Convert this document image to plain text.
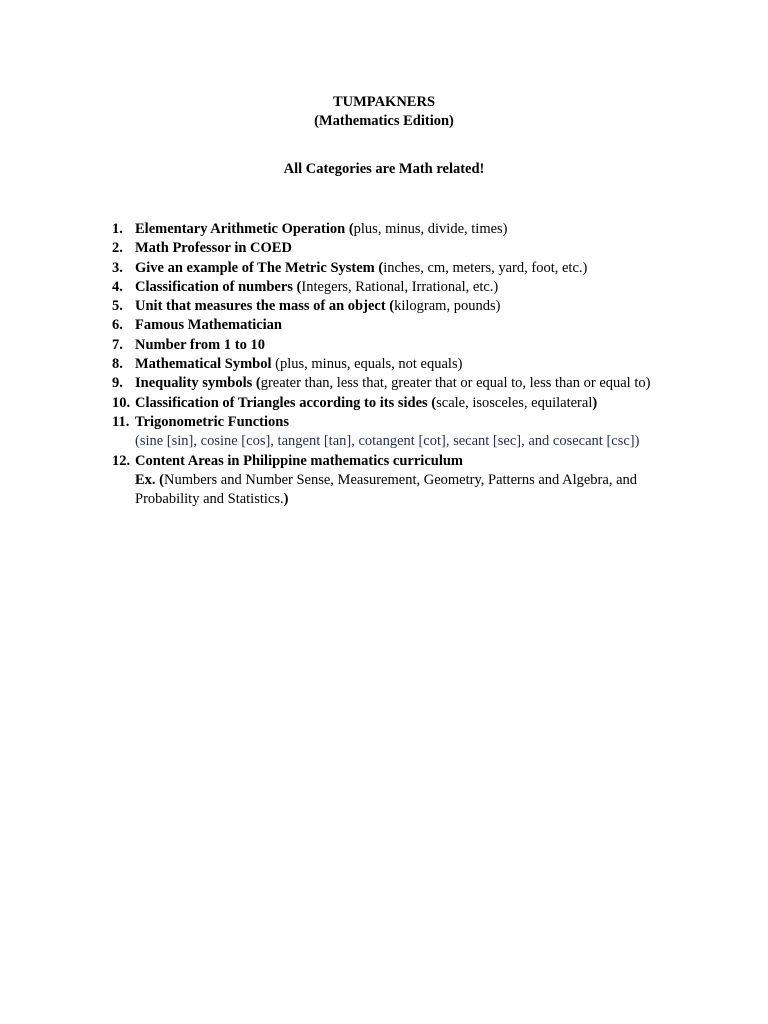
TUMPAKNERS
(Mathematics Edition)
All Categories are Math related!
1. Elementary Arithmetic Operation (plus, minus, divide, times)
2. Math Professor in COED
3. Give an example of The Metric System (inches, cm, meters, yard, foot, etc.)
4. Classification of numbers (Integers, Rational, Irrational, etc.)
5. Unit that measures the mass of an object (kilogram, pounds)
6. Famous Mathematician
7. Number from 1 to 10
8. Mathematical Symbol (plus, minus, equals, not equals)
9. Inequality symbols (greater than, less that, greater that or equal to, less than or equal to)
10. Classification of Triangles according to its sides (scale, isosceles, equilateral)
11. Trigonometric Functions
(sine [sin], cosine [cos], tangent [tan], cotangent [cot], secant [sec], and cosecant [csc])
12. Content Areas in Philippine mathematics curriculum
Ex. (Numbers and Number Sense, Measurement, Geometry, Patterns and Algebra, and
Probability and Statistics.)
